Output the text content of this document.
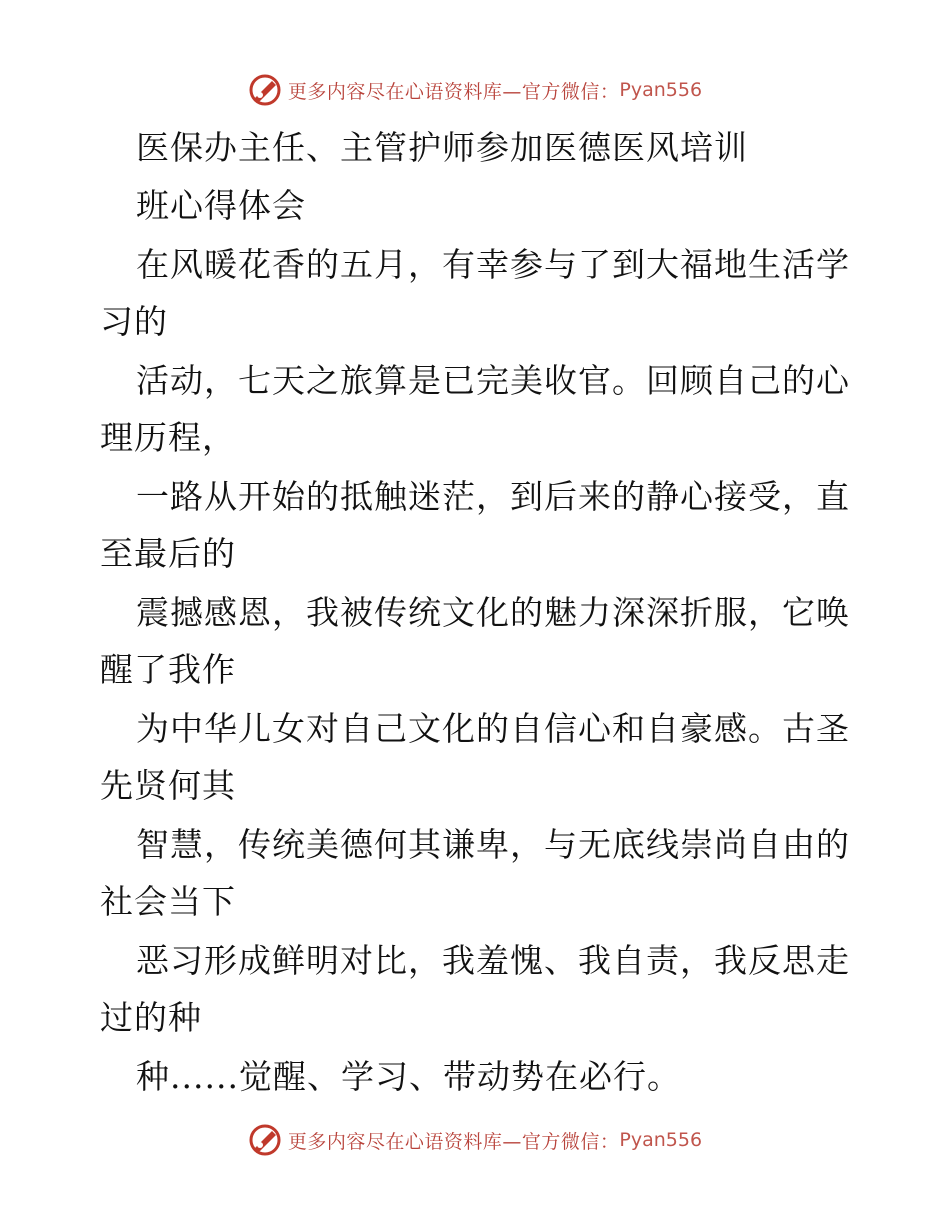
更多内容尽在心语资料库—官方微信： Pyan556
医保办主任、主管护师参加医德医风培训
班心得体会
在风暖花香的五月，有幸参与了到大福地生活学
习的
活动，七天之旅算是已完美收官。回顾自己的心
理历程，
一路从开始的抵触迷茫，到后来的静心接受，直
至最后的
震撼感恩，我被传统文化的魅力深深折服，它唤
醒了我作
为中华儿女对自己文化的自信心和自豪感。古圣
先贤何其
智慧，传统美德何其谦卑，与无底线崇尚自由的
社会当下
恶习形成鲜明对比，我羞愧、我自责，我反思走
过的种
种......觉醒、学习、带动势在必行。
更多内容尽在心语资料库—官方微信： Pyan556
